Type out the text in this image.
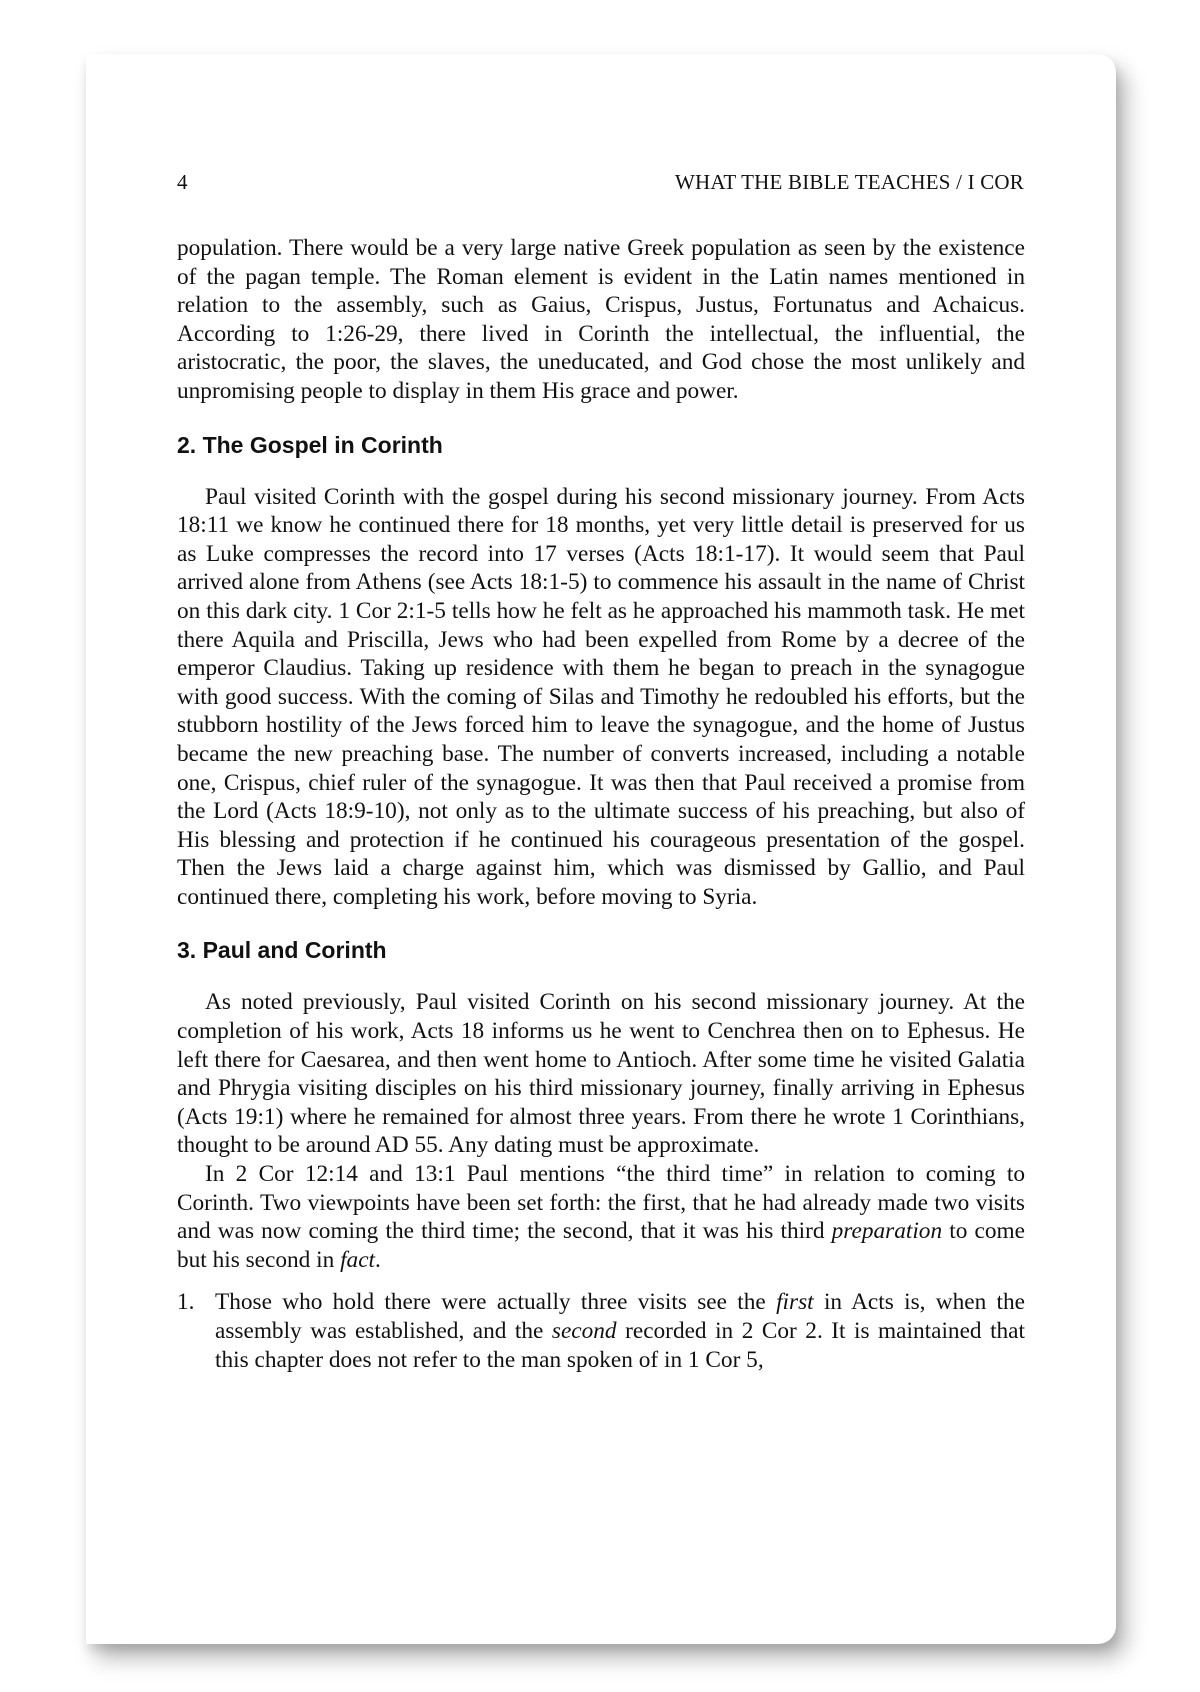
4	WHAT THE BIBLE TEACHES / I COR

population. There would be a very large native Greek population as seen by the existence of the pagan temple. The Roman element is evident in the Latin names mentioned in relation to the assembly, such as Gaius, Crispus, Justus, Fortunatus and Achaicus. According to 1:26-29, there lived in Corinth the intellectual, the influential, the aristocratic, the poor, the slaves, the uneducated, and God chose the most unlikely and unpromising people to display in them His grace and power.

2. The Gospel in Corinth

Paul visited Corinth with the gospel during his second missionary journey. From Acts 18:11 we know he continued there for 18 months, yet very little detail is preserved for us as Luke compresses the record into 17 verses (Acts 18:1-17). It would seem that Paul arrived alone from Athens (see Acts 18:1-5) to commence his assault in the name of Christ on this dark city. 1 Cor 2:1-5 tells how he felt as he approached his mammoth task. He met there Aquila and Priscilla, Jews who had been expelled from Rome by a decree of the emperor Claudius. Taking up residence with them he began to preach in the synagogue with good success. With the coming of Silas and Timothy he redoubled his efforts, but the stubborn hostility of the Jews forced him to leave the synagogue, and the home of Justus became the new preaching base. The number of converts increased, including a notable one, Crispus, chief ruler of the synagogue. It was then that Paul received a promise from the Lord (Acts 18:9-10), not only as to the ultimate success of his preaching, but also of His blessing and protection if he continued his courageous presentation of the gospel. Then the Jews laid a charge against him, which was dismissed by Gallio, and Paul continued there, completing his work, before moving to Syria.

3. Paul and Corinth

As noted previously, Paul visited Corinth on his second missionary journey. At the completion of his work, Acts 18 informs us he went to Cenchrea then on to Ephesus. He left there for Caesarea, and then went home to Antioch. After some time he visited Galatia and Phrygia visiting disciples on his third missionary journey, finally arriving in Ephesus (Acts 19:1) where he remained for almost three years. From there he wrote 1 Corinthians, thought to be around AD 55. Any dating must be approximate.

In 2 Cor 12:14 and 13:1 Paul mentions “the third time” in relation to coming to Corinth. Two viewpoints have been set forth: the first, that he had already made two visits and was now coming the third time; the second, that it was his third preparation to come but his second in fact.

1. Those who hold there were actually three visits see the first in Acts is, when the assembly was established, and the second recorded in 2 Cor 2. It is maintained that this chapter does not refer to the man spoken of in 1 Cor 5,
